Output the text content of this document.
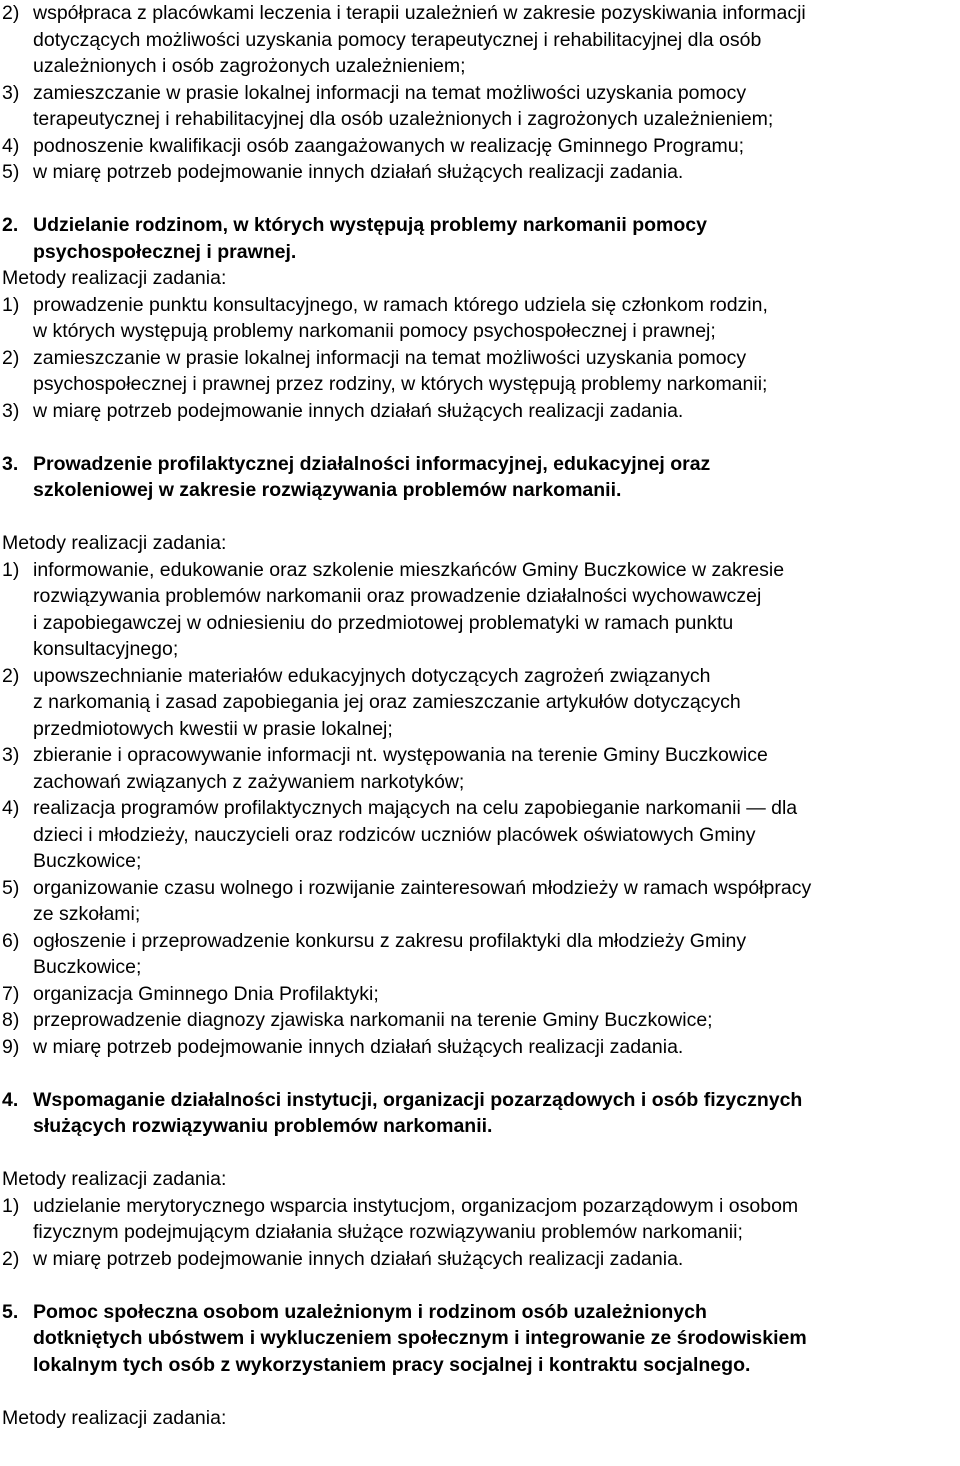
2) współpraca z placówkami leczenia i terapii uzależnień w zakresie pozyskiwania informacji
dotyczących możliwości uzyskania pomocy terapeutycznej i rehabilitacyjnej dla osób
uzależnionych i osób zagrożonych uzależnieniem;
3) zamieszczanie w prasie lokalnej informacji na temat możliwości uzyskania pomocy
terapeutycznej i rehabilitacyjnej dla osób uzależnionych i zagrożonych uzależnieniem;
4) podnoszenie kwalifikacji osób zaangażowanych w realizację Gminnego Programu;
5) w miarę potrzeb podejmowanie innych działań służących realizacji zadania.
2. Udzielanie rodzinom, w których występują problemy narkomanii pomocy
psychospołecznej i prawnej.
Metody realizacji zadania:
1) prowadzenie punktu konsultacyjnego, w ramach którego udziela się członkom rodzin,
w których występują problemy narkomanii pomocy psychospołecznej i prawnej;
2) zamieszczanie w prasie lokalnej informacji na temat możliwości uzyskania pomocy
psychospołecznej i prawnej przez rodziny, w których występują problemy narkomanii;
3) w miarę potrzeb podejmowanie innych działań służących realizacji zadania.
3. Prowadzenie profilaktycznej działalności informacyjnej, edukacyjnej oraz
szkoleniowej w zakresie rozwiązywania problemów narkomanii.
Metody realizacji zadania:
1) informowanie, edukowanie oraz szkolenie mieszkańców Gminy Buczkowice w zakresie
rozwiązywania problemów narkomanii oraz prowadzenie działalności wychowawczej
i zapobiegawczej w odniesieniu do przedmiotowej problematyki w ramach punktu
konsultacyjnego;
2) upowszechnianie materiałów edukacyjnych dotyczących zagrożeń związanych
z narkomanią i zasad zapobiegania jej oraz zamieszczanie artykułów dotyczących
przedmiotowych kwestii w prasie lokalnej;
3) zbieranie i opracowywanie informacji nt. występowania na terenie Gminy Buczkowice
zachowań związanych z zażywaniem narkotyków;
4) realizacja programów profilaktycznych mających na celu zapobieganie narkomanii — dla
dzieci i młodzieży, nauczycieli oraz rodziców uczniów placówek oświatowych Gminy
Buczkowice;
5) organizowanie czasu wolnego i rozwijanie zainteresowań młodzieży w ramach współpracy
ze szkołami;
6) ogłoszenie i przeprowadzenie konkursu z zakresu profilaktyki dla młodzieży Gminy
Buczkowice;
7) organizacja Gminnego Dnia Profilaktyki;
8) przeprowadzenie diagnozy zjawiska narkomanii na terenie Gminy Buczkowice;
9) w miarę potrzeb podejmowanie innych działań służących realizacji zadania.
4. Wspomaganie działalności instytucji, organizacji pozarządowych i osób fizycznych
służących rozwiązywaniu problemów narkomanii.
Metody realizacji zadania:
1) udzielanie merytorycznego wsparcia instytucjom, organizacjom pozarządowym i osobom
fizycznym podejmującym działania służące rozwiązywaniu problemów narkomanii;
2) w miarę potrzeb podejmowanie innych działań służących realizacji zadania.
5. Pomoc społeczna osobom uzależnionym i rodzinom osób uzależnionych
dotkniętych ubóstwem i wykluczeniem społecznym i integrowanie ze środowiskiem
lokalnym tych osób z wykorzystaniem pracy socjalnej i kontraktu socjalnego.
Metody realizacji zadania:
